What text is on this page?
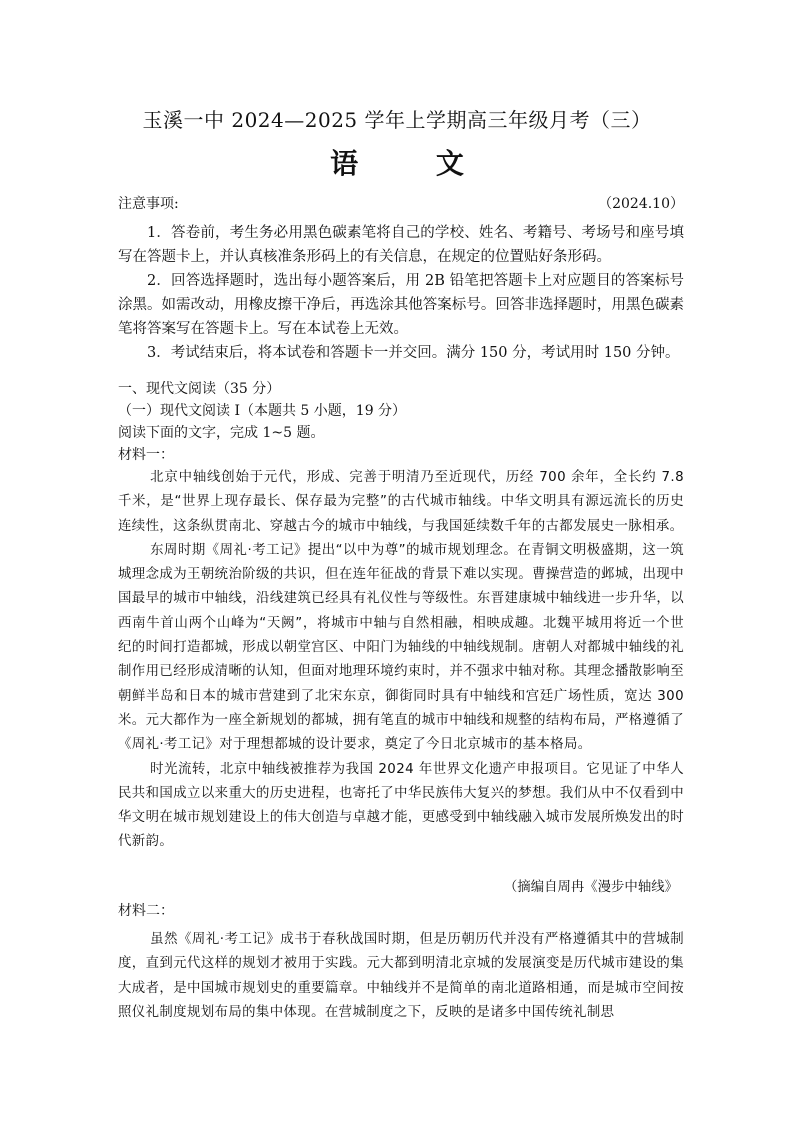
玉溪一中 2024—2025 学年上学期高三年级月考（三）
语 文
注意事项:	（2024.10）

1．答卷前，考生务必用黑色碳素笔将自己的学校、姓名、考籍号、考场号和座号填写在答题卡上，并认真核准条形码上的有关信息，在规定的位置贴好条形码。

2．回答选择题时，选出每小题答案后，用 2B 铅笔把答题卡上对应题目的答案标号涂黑。如需改动，用橡皮擦干净后，再选涂其他答案标号。回答非选择题时，用黑色碳素笔将答案写在答题卡上。写在本试卷上无效。

3．考试结束后，将本试卷和答题卡一并交回。满分 150 分，考试用时 150 分钟。

一、现代文阅读（35 分）

（一）现代文阅读 I（本题共 5 小题，19 分）

阅读下面的文字，完成 1~5 题。

材料一：

北京中轴线创始于元代，形成、完善于明清乃至近现代，历经 700 余年，全长约 7.8 千米，是“世界上现存最长、保存最为完整”的古代城市轴线。中华文明具有源远流长的历史连续性，这条纵贯南北、穿越古今的城市中轴线，与我国延续数千年的古都发展史一脉相承。

东周时期《周礼·考工记》提出“以中为尊”的城市规划理念。在青铜文明极盛期，这一筑城理念成为王朝统治阶级的共识，但在连年征战的背景下难以实现。曹操营造的邺城，出现中国最早的城市中轴线，沿线建筑已经具有礼仪性与等级性。东晋建康城中轴线进一步升华，以西南牛首山两个山峰为“天阙”，将城市中轴与自然相融，相映成趣。北魏平城用将近一个世纪的时间打造都城，形成以朝堂宫区、中阳门为轴线的中轴线规制。唐朝人对都城中轴线的礼制作用已经形成清晰的认知，但面对地理环境约束时，并不强求中轴对称。其理念播散影响至朝鲜半岛和日本的城市营建到了北宋东京，御街同时具有中轴线和宫廷广场性质，宽达 300 米。元大都作为一座全新规划的都城，拥有笔直的城市中轴线和规整的结构布局，严格遵循了《周礼·考工记》对于理想都城的设计要求，奠定了今日北京城市的基本格局。

时光流转，北京中轴线被推荐为我国 2024 年世界文化遗产申报项目。它见证了中华人民共和国成立以来重大的历史进程，也寄托了中华民族伟大复兴的梦想。我们从中不仅看到中华文明在城市规划建设上的伟大创造与卓越才能，更感受到中轴线融入城市发展所焕发出的时代新韵。

（摘编自周冉《漫步中轴线》
材料二：

虽然《周礼·考工记》成书于春秋战国时期，但是历朝历代并没有严格遵循其中的营城制度，直到元代这样的规划才被用于实践。元大都到明清北京城的发展演变是历代城市建设的集大成者，是中国城市规划史的重要篇章。中轴线并不是简单的南北道路相通，而是城市空间按照仪礼制度规划布局的集中体现。在营城制度之下，反映的是诸多中国传统礼制思
